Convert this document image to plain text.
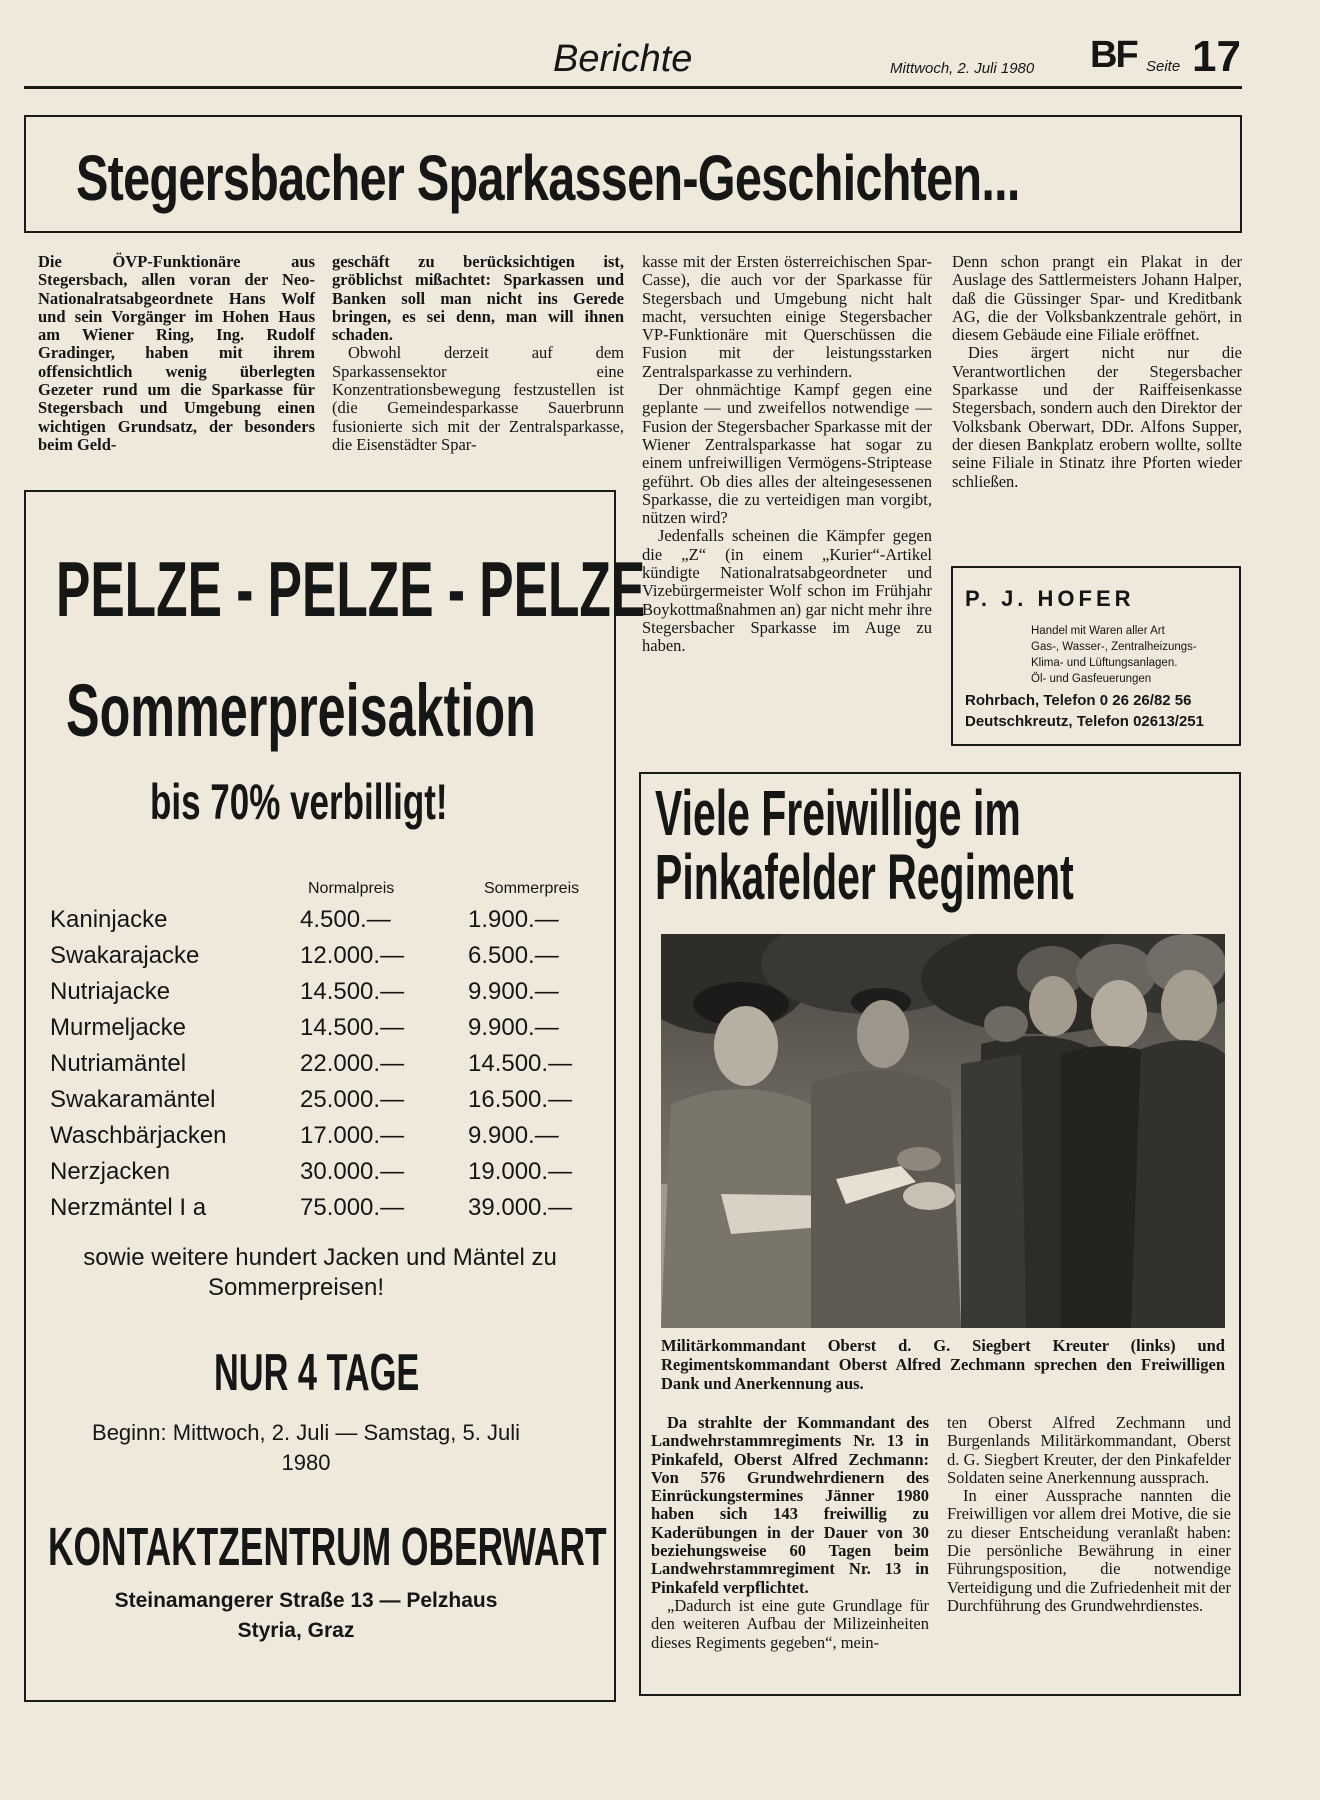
Berichte	Mittwoch, 2. Juli 1980 BF Seite 17
Stegersbacher Sparkassen-Geschichten...

Die ÖVP-Funktionäre aus Stegersbach, allen voran der Neo-Nationalratsabgeordnete Hans Wolf und sein Vorgänger im Hohen Haus am Wiener Ring, Ing. Rudolf Gradinger, haben mit ihrem offensichtlich wenig überlegten Gezeter rund um die Sparkasse für Stegersbach und Umgebung einen wichtigen Grundsatz, der besonders beim Geld-

geschäft zu berücksichtigen ist, gröblichst mißachtet: Sparkassen und Banken soll man nicht ins Gerede bringen, es sei denn, man will ihnen schaden.

Obwohl derzeit auf dem Sparkassensektor eine Konzentrationsbewegung festzustellen ist (die Gemeindesparkasse Sauerbrunn fusionierte sich mit der Zentralsparkasse, die Eisenstädter Spar-

kasse mit der Ersten österreichischen Spar-Casse), die auch vor der Sparkasse für Stegersbach und Umgebung nicht halt macht, versuchten einige Stegersbacher VP-Funktionäre mit Querschüssen die Fusion mit der leistungsstarken Zentralsparkasse zu verhindern.

Der ohnmächtige Kampf gegen eine geplante — und zweifellos notwendige — Fusion der Stegersbacher Sparkasse mit der Wiener Zentralsparkasse hat sogar zu einem unfreiwilligen Vermögens-Striptease geführt. Ob dies alles der alteingesessenen Sparkasse, die zu verteidigen man vorgibt, nützen wird?

Jedenfalls scheinen die Kämpfer gegen die „Z“ (in einem „Kurier“-Artikel kündigte Nationalratsabgeordneter und Vizebürgermeister Wolf schon im Frühjahr Boykottmaßnahmen an) gar nicht mehr ihre Stegersbacher Sparkasse im Auge zu haben.

Denn schon prangt ein Plakat in der Auslage des Sattlermeisters Johann Halper, daß die Güssinger Spar- und Kreditbank AG, die der Volksbankzentrale gehört, in diesem Gebäude eine Filiale eröffnet.

Dies ärgert nicht nur die Verantwortlichen der Stegersbacher Sparkasse und der Raiffeisenkasse Stegersbach, sondern auch den Direktor der Volksbank Oberwart, DDr. Alfons Supper, der diesen Bankplatz erobern wollte, sollte seine Filiale in Stinatz ihre Pforten wieder schließen.

P. J. HOFER
Handel mit Waren aller Art
Gas-, Wasser-, Zentralheizungs-
Klima- und Lüftungsanlagen.
Öl- und Gasfeuerungen
Rohrbach, Telefon 0 26 26/82 56
Deutschkreutz, Telefon 02613/251
PELZE - PELZE - PELZE
Sommerpreisaktion
bis 70% verbilligt!
Normalpreis	Sommerpreis
Kaninjacke	4.500.—	1.900.—
Swakarajacke	12.000.—	6.500.—
Nutriajacke	14.500.—	9.900.—
Murmeljacke	14.500.—	9.900.—
Nutriamäntel	22.000.—	14.500.—
Swakaramäntel	25.000.—	16.500.—
Waschbärjacken	17.000.—	9.900.—
Nerzjacken	30.000.—	19.000.—
Nerzmäntel I a	75.000.—	39.000.—
sowie weitere hundert Jacken und Mäntel zu
Sommerpreisen!
NUR 4 TAGE
Beginn: Mittwoch, 2. Juli — Samstag, 5. Juli
1980
KONTAKTZENTRUM OBERWART
Steinamangerer Straße 13 — Pelzhaus
Styria, Graz
Viele Freiwillige im
Pinkafelder Regiment
Militärkommandant Oberst d. G. Siegbert Kreuter (links) und Regimentskommandant Oberst Alfred Zechmann sprechen den Freiwilligen Dank und Anerkennung aus.

Da strahlte der Kommandant des Landwehrstammregiments Nr. 13 in Pinkafeld, Oberst Alfred Zechmann: Von 576 Grundwehrdienern des Einrückungstermines Jänner 1980 haben sich 143 freiwillig zu Kaderübungen in der Dauer von 30 beziehungsweise 60 Tagen beim Landwehrstammregiment Nr. 13 in Pinkafeld verpflichtet.

„Dadurch ist eine gute Grundlage für den weiteren Aufbau der Milizeinheiten dieses Regiments gegeben“, mein-

ten Oberst Alfred Zechmann und Burgenlands Militärkommandant, Oberst d. G. Siegbert Kreuter, der den Pinkafelder Soldaten seine Anerkennung aussprach.

In einer Aussprache nannten die Freiwilligen vor allem drei Motive, die sie zu dieser Entscheidung veranlaßt haben: Die persönliche Bewährung in einer Führungsposition, die notwendige Verteidigung und die Zufriedenheit mit der Durchführung des Grundwehrdienstes.
